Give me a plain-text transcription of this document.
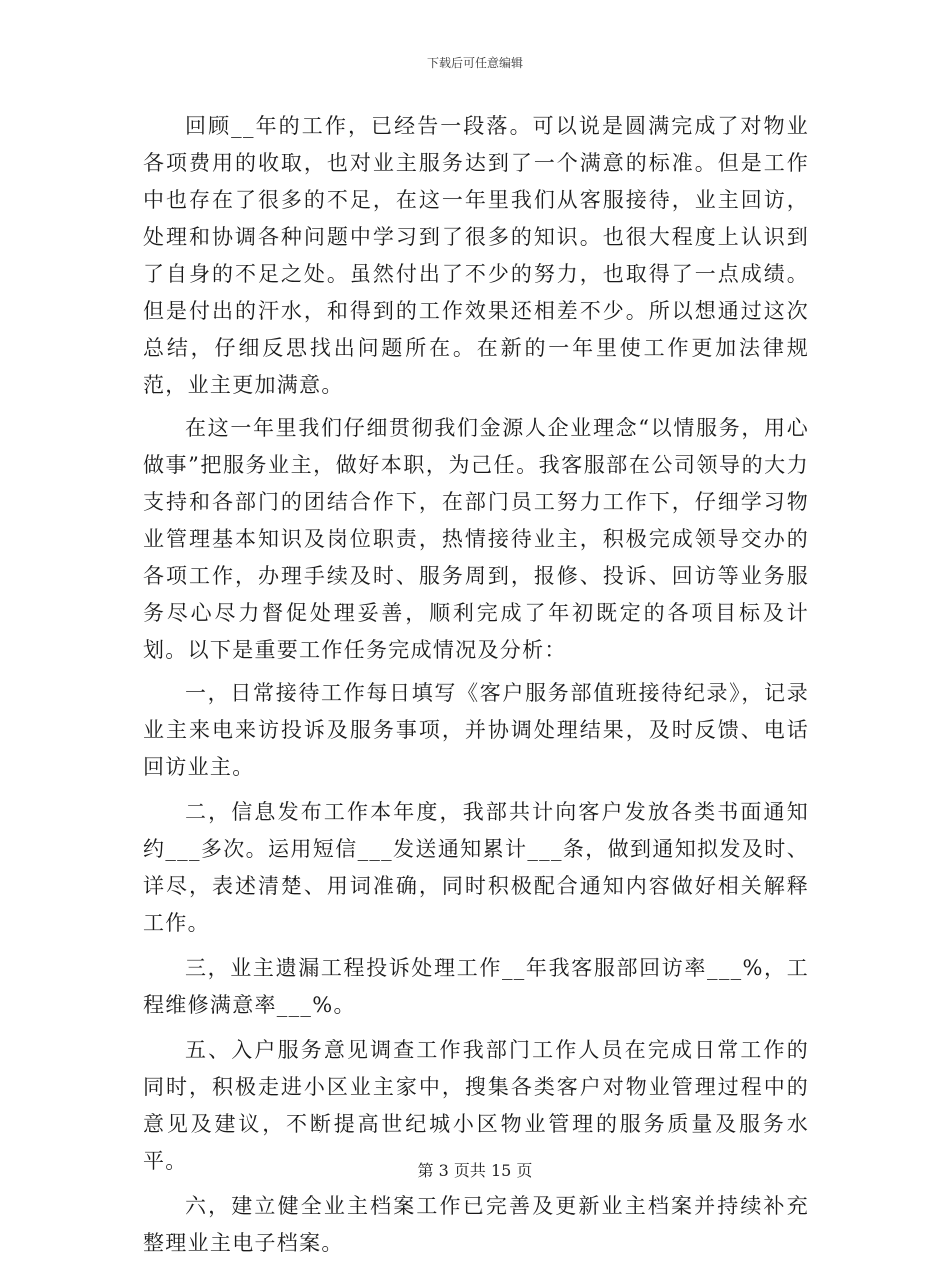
下载后可任意编辑

回顾__年的工作，已经告一段落。可以说是圆满完成了对物业各项费用的收取，也对业主服务达到了一个满意的标准。但是工作中也存在了很多的不足，在这一年里我们从客服接待，业主回访，处理和协调各种问题中学习到了很多的知识。也很大程度上认识到了自身的不足之处。虽然付出了不少的努力，也取得了一点成绩。但是付出的汗水，和得到的工作效果还相差不少。所以想通过这次总结，仔细反思找出问题所在。在新的一年里使工作更加法律规范，业主更加满意。

在这一年里我们仔细贯彻我们金源人企业理念“以情服务，用心做事”把服务业主，做好本职，为己任。我客服部在公司领导的大力支持和各部门的团结合作下，在部门员工努力工作下，仔细学习物业管理基本知识及岗位职责，热情接待业主，积极完成领导交办的各项工作，办理手续及时、服务周到，报修、投诉、回访等业务服务尽心尽力督促处理妥善，顺利完成了年初既定的各项目标及计划。以下是重要工作任务完成情况及分析：

一，日常接待工作每日填写《客户服务部值班接待纪录》，记录业主来电来访投诉及服务事项，并协调处理结果，及时反馈、电话回访业主。

二，信息发布工作本年度，我部共计向客户发放各类书面通知约___多次。运用短信___发送通知累计___条，做到通知拟发及时、详尽，表述清楚、用词准确，同时积极配合通知内容做好相关解释工作。

三，业主遗漏工程投诉处理工作__年我客服部回访率___%，工程维修满意率___%。

五、入户服务意见调查工作我部门工作人员在完成日常工作的同时，积极走进小区业主家中，搜集各类客户对物业管理过程中的意见及建议，不断提高世纪城小区物业管理的服务质量及服务水平。

六，建立健全业主档案工作已完善及更新业主档案并持续补充整理业主电子档案。

第 3 页共 15 页
